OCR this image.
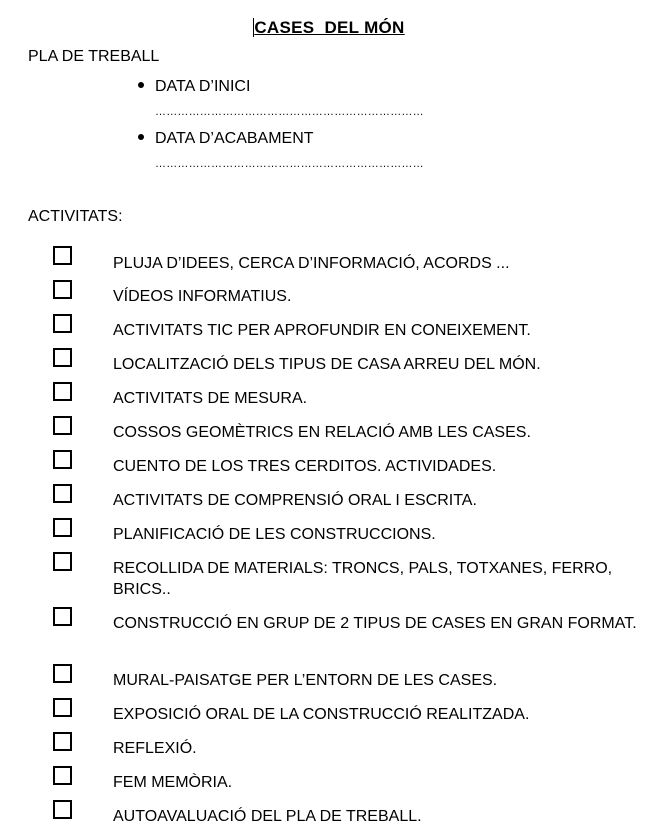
CASES  DEL MÓN
PLA DE TREBALL
DATA D’INICI
………………………………………………………………
DATA D’ACABAMENT
………………………………………………………………
ACTIVITATS:
PLUJA D’IDEES, CERCA D’INFORMACIÓ, ACORDS ...
VÍDEOS INFORMATIUS.
ACTIVITATS TIC PER APROFUNDIR EN CONEIXEMENT.
LOCALITZACIÓ DELS TIPUS DE CASA ARREU DEL MÓN.
ACTIVITATS DE MESURA.
COSSOS GEOMÈTRICS EN RELACIÓ AMB LES CASES.
CUENTO DE LOS TRES CERDITOS. ACTIVIDADES.
ACTIVITATS DE COMPRENSIÓ ORAL I ESCRITA.
PLANIFICACIÓ DE LES CONSTRUCCIONS.
RECOLLIDA DE MATERIALS: TRONCS, PALS, TOTXANES, FERRO, BRICS..
CONSTRUCCIÓ EN GRUP DE 2 TIPUS DE CASES EN GRAN FORMAT.
MURAL-PAISATGE PER L’ENTORN DE LES CASES.
EXPOSICIÓ ORAL DE LA CONSTRUCCIÓ REALITZADA.
REFLEXIÓ.
FEM MEMÒRIA.
AUTOAVALUACIÓ DEL PLA DE TREBALL.
